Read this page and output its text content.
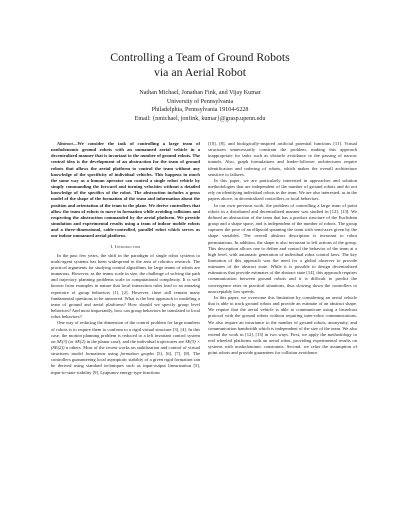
Controlling a Team of Ground Robots
via an Aerial Robot
Nathan Michael, Jonathan Fink, and Vijay Kumar
University of Pennsylvania
Philadelphia, Pennsylvania 19104-6228
Email: {nmichael, jonfink, kumar}@grasp.upenn.edu

Abstract—We consider the task of controlling a large team of nonholonomic ground robots with an unmanned aerial vehicle in a decentralized manner that is invariant to the number of ground robots. The central idea is the development of an abstraction for the team of ground robots that allows the aerial platform to control the team without any knowledge of the specificity of individual vehicles. This happens in much the same way as a human operator can control a single robot vehicle by simply commanding the forward and turning velocities without a detailed knowledge of the specifics of the robot. The abstraction includes a gross model of the shape of the formation of the team and information about the position and orientation of the team in the plane. We derive controllers that allow the team of robots to move in formation while avoiding collisions and respecting the abstraction commanded by the aerial platform. We provide simulation and experimental results using a team of indoor mobile robots and a three-dimensional, cable-controlled, parallel robot which serves as our indoor unmanned aerial platform.

I. Introduction

In the past few years, the shift in the paradigm of single robot systems to multi-agent systems has been widespread in the area of robotics research. The practical arguments for studying control algorithms for large teams of robots are numerous. However, as the teams scale in size, the challenge of solving the path and trajectory planning problems scale in computational complexity. It is well known from examples in nature that local interaction rules lead to an amazing repertoire of group behaviors [1], [2]. However, there still remain many fundamental questions to be answered. What is the best approach to modeling a team of ground and aerial platforms? How should we specify group level behaviors? And most importantly, how can group behaviors be translated to local robot behaviors?

One way of reducing the dimension of the control problem for large numbers of robots is to require them to conform to a rigid virtual structure [3], [4]. In this case, the motion planning problem is reduced to a left invariant control system on SE(3) (or SE(2) in the planar case), and the individual trajectories are SE(3) × (SE(2)) n others. Most of the recent works on stabilization and control of virtual structures model formations using formation graphs [5], [6], [7], [8]. The controllers guaranteeing local asymptotic stability of a given rigid formation can be derived using standard techniques such as input-output linearization [5], input-to-state stability [9], Lyapunov energy-type functions

[10], [8], and biologically-inspired artificial potential functions [11]. Virtual structures unnecessarily constrain the problem, making this approach inappropriate for tasks such as obstacle avoidance or the passing of narrow tunnels. Also, graph formulations and leader-follower architectures require identification and ordering of robots, which makes the overall architecture sensitive to failures.

In this paper, we are particularly interested in approaches and solution methodologies that are independent of the number of ground robots and do not rely on identifying individual robots in the team. We are also interested, as in the papers above, in decentralized controllers or local behaviors.

In our own previous work, the problem of controlling a large team of point robots in a distributed and decentralized manner was studied in [12], [13]. We defined an abstraction of the team that has a product structure of the Euclidean group and a shape space, and is independent of the number of robots. The group captures the pose of an ellipsoid spanning the team with semi-axes given by the shape variables. The overall abstract description is invariant to robot permutations. In addition, the shape is also invariant to left actions of the group. This description allows one to define and control the behavior of the team at a high level, with automatic generation of individual robot control laws. The key limitation of this approach was the need for a global observer to provide estimates of the abstract state. While it is possible to design decentralized estimators that provide estimates of the abstract state [14], this approach requires communication between ground robots and it is difficult to predict the convergence rates in practical situations, thus slowing down the controllers to unacceptably low speeds.

In this paper, we overcome this limitation by considering an aerial vehicle that is able to track ground robots and provide an estimate of an abstract shape. We require that the aerial vehicle is able to communicate using a broadcast protocol with the ground robots without requiring inter-robot communications. We also require an invariance to the number of ground robots, anonymity, and communication bandwidth which is independent of the size of the team. We also extend the work in [12], [13] in two ways. First, we apply the methodology to real wheeled platforms with an aerial robot, providing experimental results on systems with nonholonomic constraints. Second, we relax the assumption of point robots and provide guarantees for collision avoidance.
